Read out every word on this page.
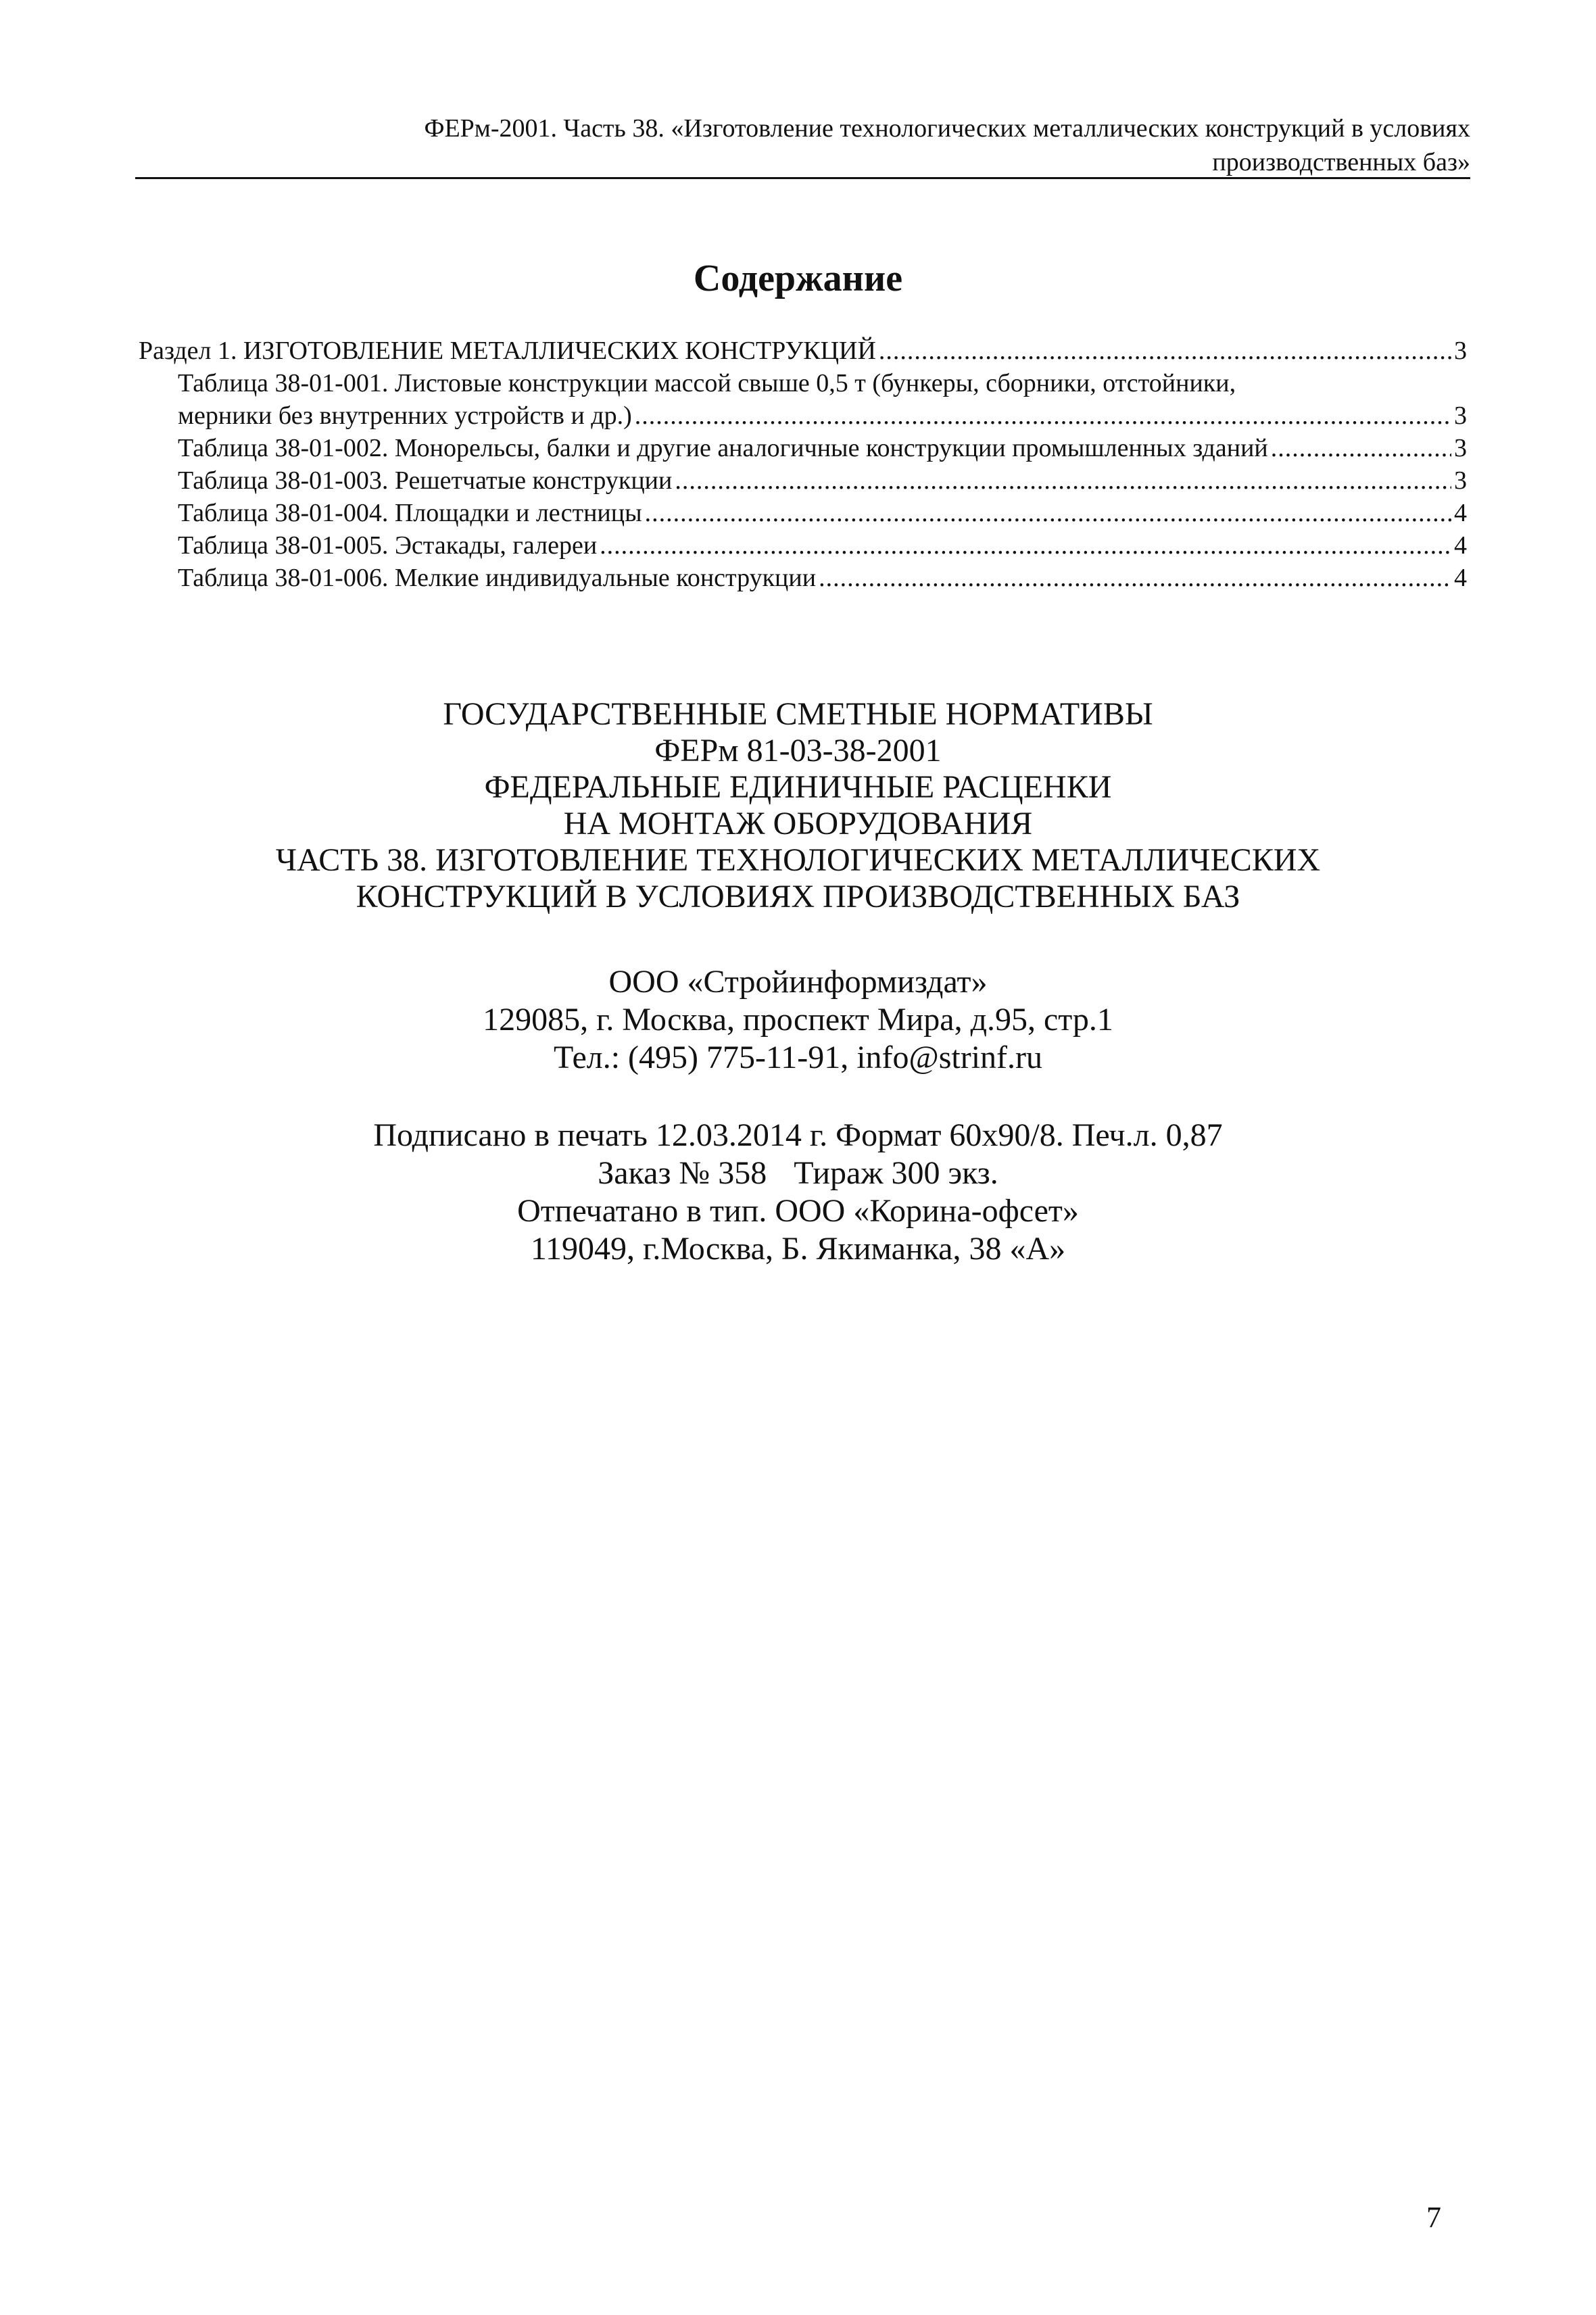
ФЕРм-2001. Часть 38. «Изготовление технологических металлических конструкций в условиях
производственных баз»
Содержание
Раздел 1. ИЗГОТОВЛЕНИЕ МЕТАЛЛИЧЕСКИХ КОНСТРУКЦИЙ .....	3
Таблица 38-01-001. Листовые конструкции массой свыше 0,5 т (бункеры, сборники, отстойники,
мерники без внутренних устройств и др.) .....	3
Таблица 38-01-002. Монорельсы, балки и другие аналогичные конструкции промышленных зданий .....	3
Таблица 38-01-003. Решетчатые конструкции .....	3
Таблица 38-01-004. Площадки и лестницы .....	4
Таблица 38-01-005. Эстакады, галереи .....	4
Таблица 38-01-006. Мелкие индивидуальные конструкции .....	4
ГОСУДАРСТВЕННЫЕ СМЕТНЫЕ НОРМАТИВЫ
ФЕРм 81-03-38-2001
ФЕДЕРАЛЬНЫЕ ЕДИНИЧНЫЕ РАСЦЕНКИ
НА МОНТАЖ ОБОРУДОВАНИЯ
ЧАСТЬ 38. ИЗГОТОВЛЕНИЕ ТЕХНОЛОГИЧЕСКИХ МЕТАЛЛИЧЕСКИХ
КОНСТРУКЦИЙ В УСЛОВИЯХ ПРОИЗВОДСТВЕННЫХ БАЗ
ООО «Стройинформиздат»
129085, г. Москва, проспект Мира, д.95, стр.1
Тел.: (495) 775-11-91, info@strinf.ru
Подписано в печать 12.03.2014 г. Формат 60x90/8. Печ.л. 0,87
Заказ № 358 Тираж 300 экз.
Отпечатано в тип. ООО «Корина-офсет»
119049, г.Москва, Б. Якиманка, 38 «А»
7
